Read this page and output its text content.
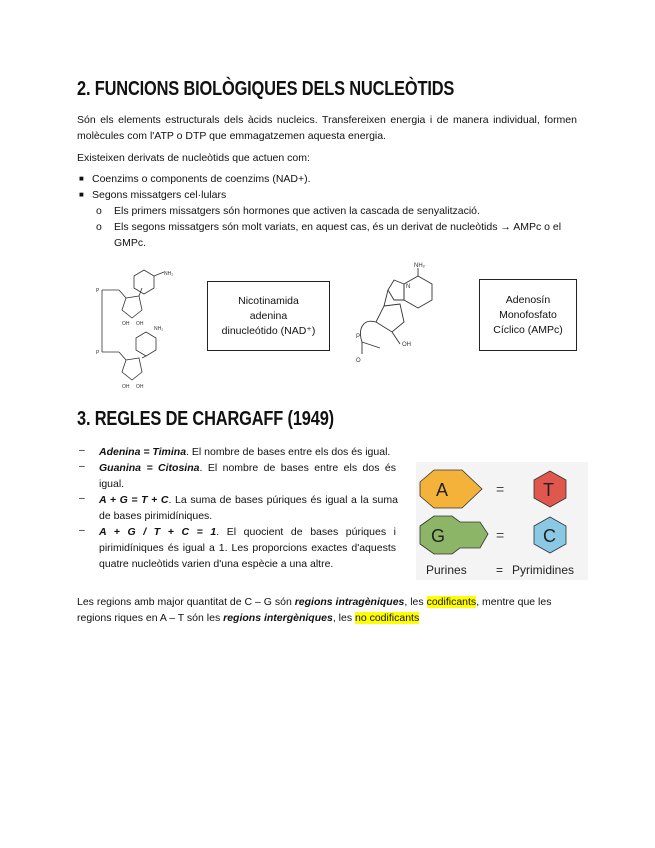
2. FUNCIONS BIOLÒGIQUES DELS NUCLEÒTIDS

Són els elements estructurals dels àcids nucleics. Transfereixen energia i de manera individual, formen molècules com l'ATP o DTP que emmagatzemen aquesta energia.

Existeixen derivats de nucleòtids que actuen com:

■ Coenzims o components de coenzims (NAD+).
■ Segons missatgers cel·lulars
o Els primers missatgers són hormones que activen la cascada de senyalització.
o Els segons missatgers són molt variats, en aquest cas, és un derivat de nucleòtids → AMPc o el GMPc.
NH₂
P
P
OH OH
NH₂
OH OH
Nicotinamida
adenina
dinucleótido (NAD⁺)
NH₂
OH
P
O
N
Adenosín
Monofosfato
Cíclico (AMPc)
3. REGLES DE CHARGAFF (1949)
– Adenina = Timina. El nombre de bases entre els dos és igual.

– Guanina = Citosina. El nombre de bases entre els dos és igual.

– A + G = T + C. La suma de bases púriques és igual a la suma de bases pirimidíniques.

– A + G / T + C = 1. El quocient de bases púriques i pirimidíniques és igual a 1. Les proporcions exactes d'aquests quatre nucleòtids varien d'una espècie a una altre.

A	= T
G	= C
Purines = Pyrimidines

Les regions amb major quantitat de C – G són regions intragèniques, les codificants, mentre que les regions riques en A – T són les regions intergèniques, les no codificants
